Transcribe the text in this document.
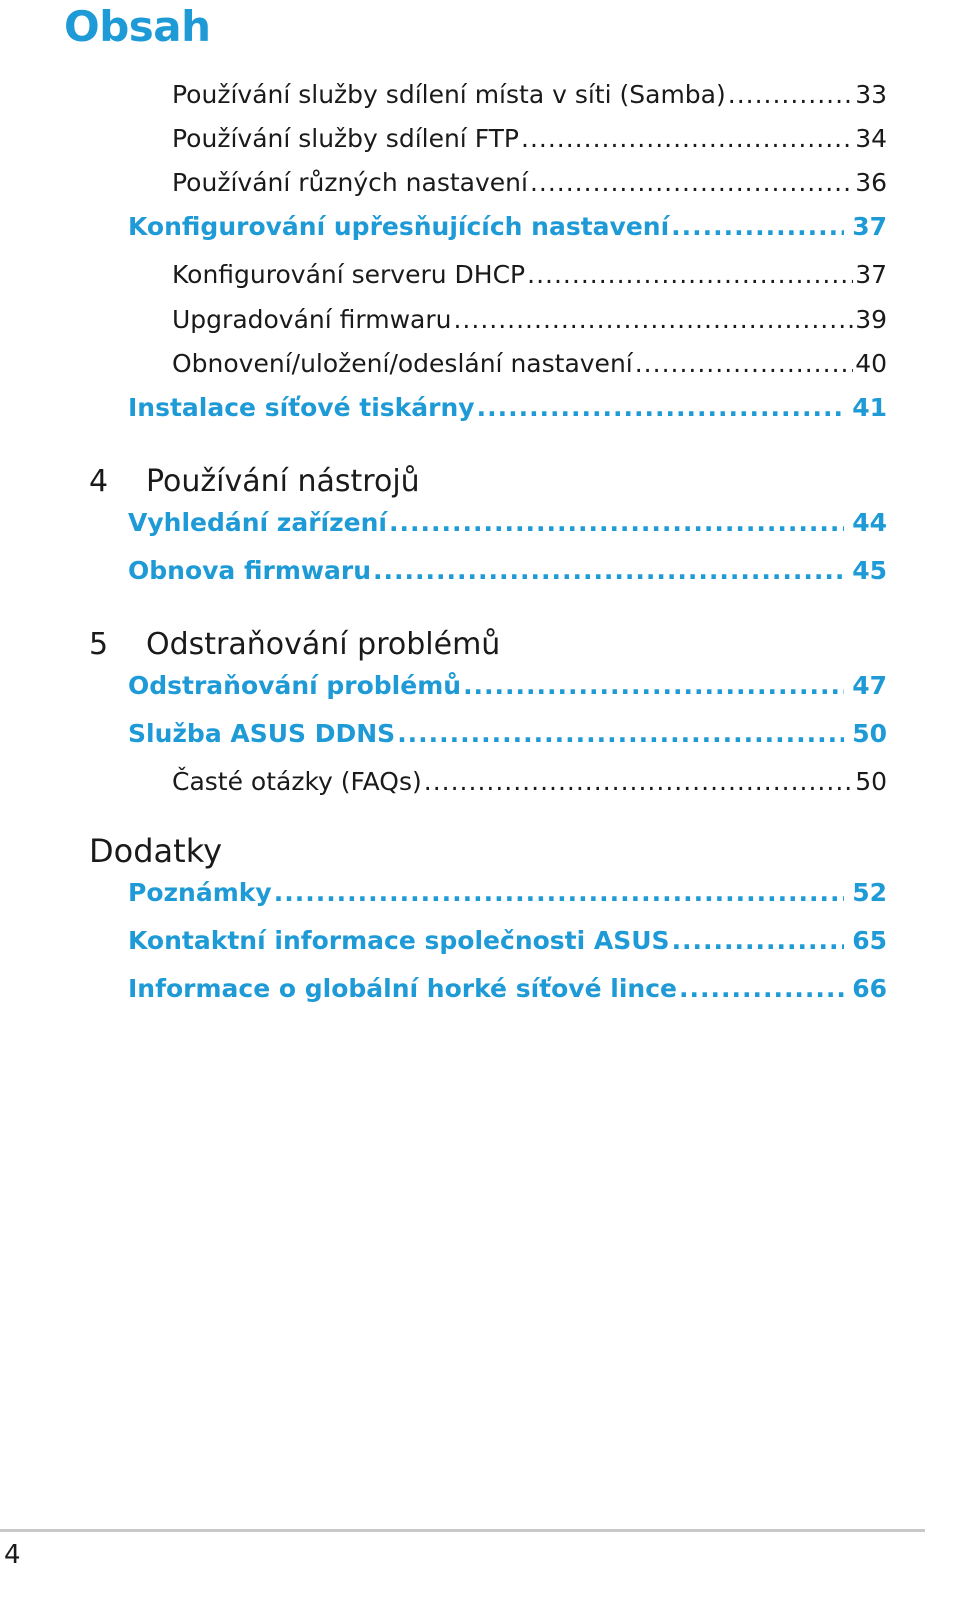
Obsah
Používání služby sdílení místa v síti (Samba) .....	33
Používání služby sdílení FTP .....	34
Používání různých nastavení .....	36
Konfigurování upřesňujících nastavení .....	37
Konfigurování serveru DHCP .....	37
Upgradování firmwaru .....	39
Obnovení/uložení/odeslání nastavení .....	40
Instalace síťové tiskárny .....	41
4	Používání nástrojů
Vyhledání zařízení .....	44
Obnova firmwaru .....	45
5	Odstraňování problémů
Odstraňování problémů .....	47
Služba ASUS DDNS .....	50
Časté otázky (FAQs) .....	50
Dodatky
Poznámky .....	52
Kontaktní informace společnosti ASUS .....	65
Informace o globální horké síťové lince .....	66
4
